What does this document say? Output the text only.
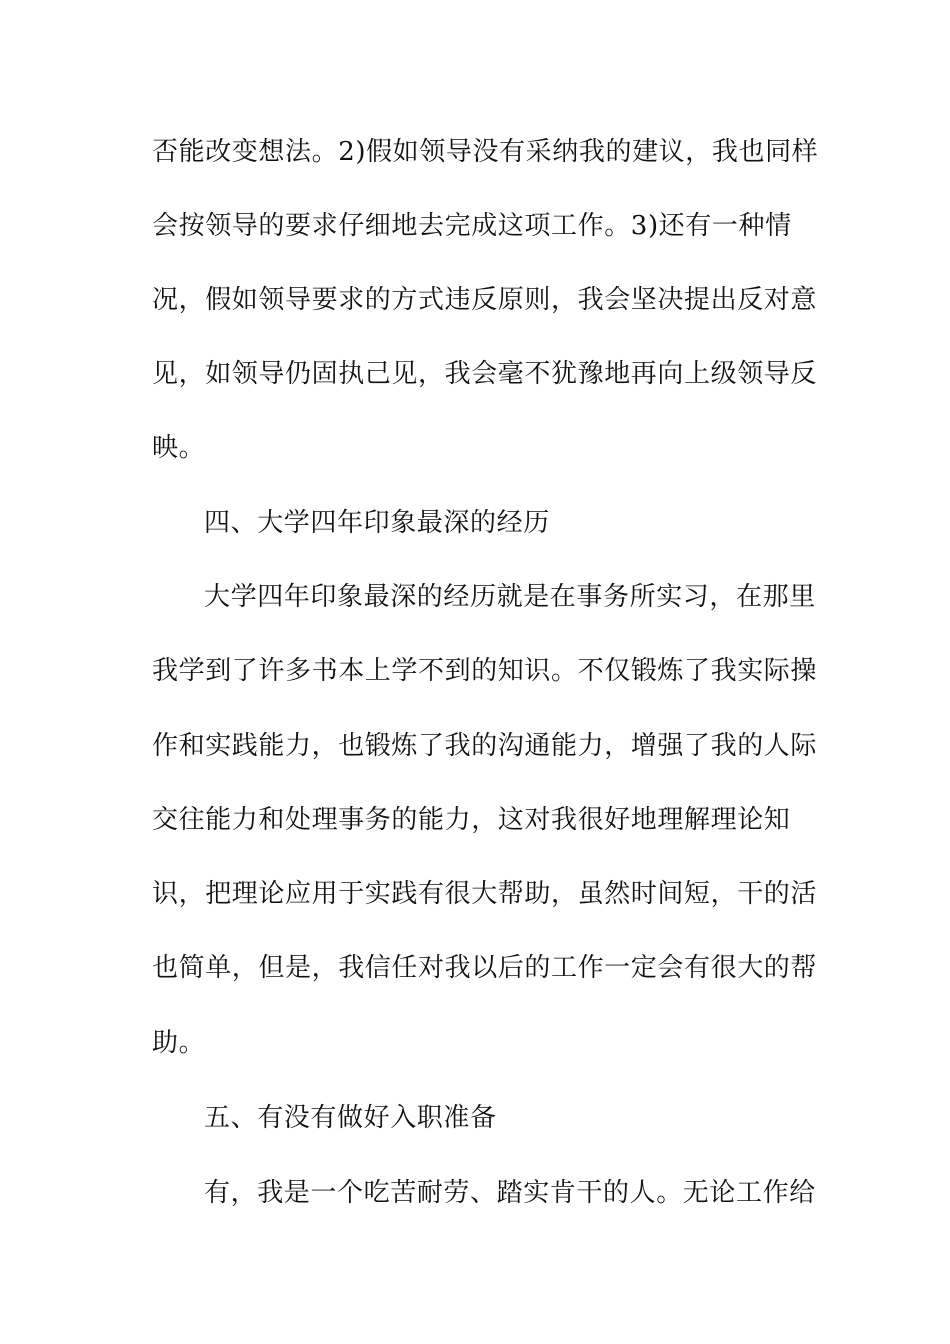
否能改变想法。2)假如领导没有采纳我的建议，我也同样
会按领导的要求仔细地去完成这项工作。3)还有一种情
况，假如领导要求的方式违反原则，我会坚决提出反对意
见，如领导仍固执己见，我会毫不犹豫地再向上级领导反
映。
四、大学四年印象最深的经历
大学四年印象最深的经历就是在事务所实习，在那里
我学到了许多书本上学不到的知识。不仅锻炼了我实际操
作和实践能力，也锻炼了我的沟通能力，增强了我的人际
交往能力和处理事务的能力，这对我很好地理解理论知
识，把理论应用于实践有很大帮助，虽然时间短，干的活
也简单，但是，我信任对我以后的工作一定会有很大的帮
助。
五、有没有做好入职准备
有，我是一个吃苦耐劳、踏实肯干的人。无论工作给
